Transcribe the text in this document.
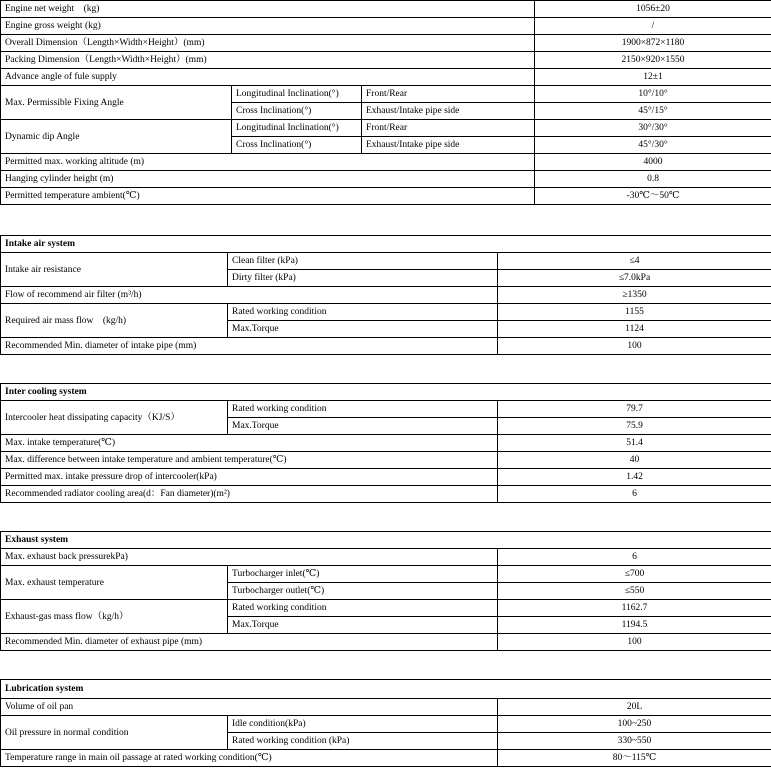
Engine net weight　(kg)			1056±20
Engine gross weight (kg)			/
Overall Dimension（Length×Width×Height）(mm)			1900×872×1180
Packing Dimension（Length×Width×Height）(mm)			2150×920×1550
Advance angle of fule supply			12±1
Max. Permissible Fixing Angle	Longitudinal Inclination(°)	Front/Rear	10°/10°
	Cross Inclination(°)	Exhaust/Intake pipe side	45°/15°
Dynamic dip Angle	Longitudinal Inclination(°)	Front/Rear	30°/30°
	Cross Inclination(°)	Exhaust/Intake pipe side	45°/30°
Permitted max. working altitude (m)			4000
Hanging cylinder height (m)			0.8
Permitted temperature ambient(℃)			-30℃～50℃
Intake air system		
Intake air resistance	Clean filter (kPa)	≤4
	Dirty filter (kPa)	≤7.0kPa
Flow of recommend air filter (m³/h)		≥1350
Required air mass flow　(kg/h)	Rated working condition	1155
	Max.Torque	1124
Recommended Min. diameter of intake pipe (mm)		100
Inter cooling system		
Intercooler heat dissipating capacity（KJ/S）	Rated working condition	79.7
	Max.Torque	75.9
Max. intake temperature(℃)		51.4
Max. difference between intake temperature and ambient temperature(℃)		40
Permitted max. intake pressure drop of intercooler(kPa)		1.42
Recommended radiator cooling area(d：Fan diameter)(m²)		6
Exhaust system		
Max. exhaust back pressurekPa)		6
Max. exhaust temperature	Turbocharger inlet(℃)	≤700
	Turbocharger outlet(℃)	≤550
Exhaust-gas mass flow（kg/h）	Rated working condition	1162.7
	Max.Torque	1194.5
Recommended Min. diameter of exhaust pipe (mm)		100
Lubrication system		
Volume of oil pan		20L
Oil pressure in normal condition	Idle condition(kPa)	100~250
	Rated working condition (kPa)	330~550
Temperature range in main oil passage at rated working condition(℃)		80～115℃
